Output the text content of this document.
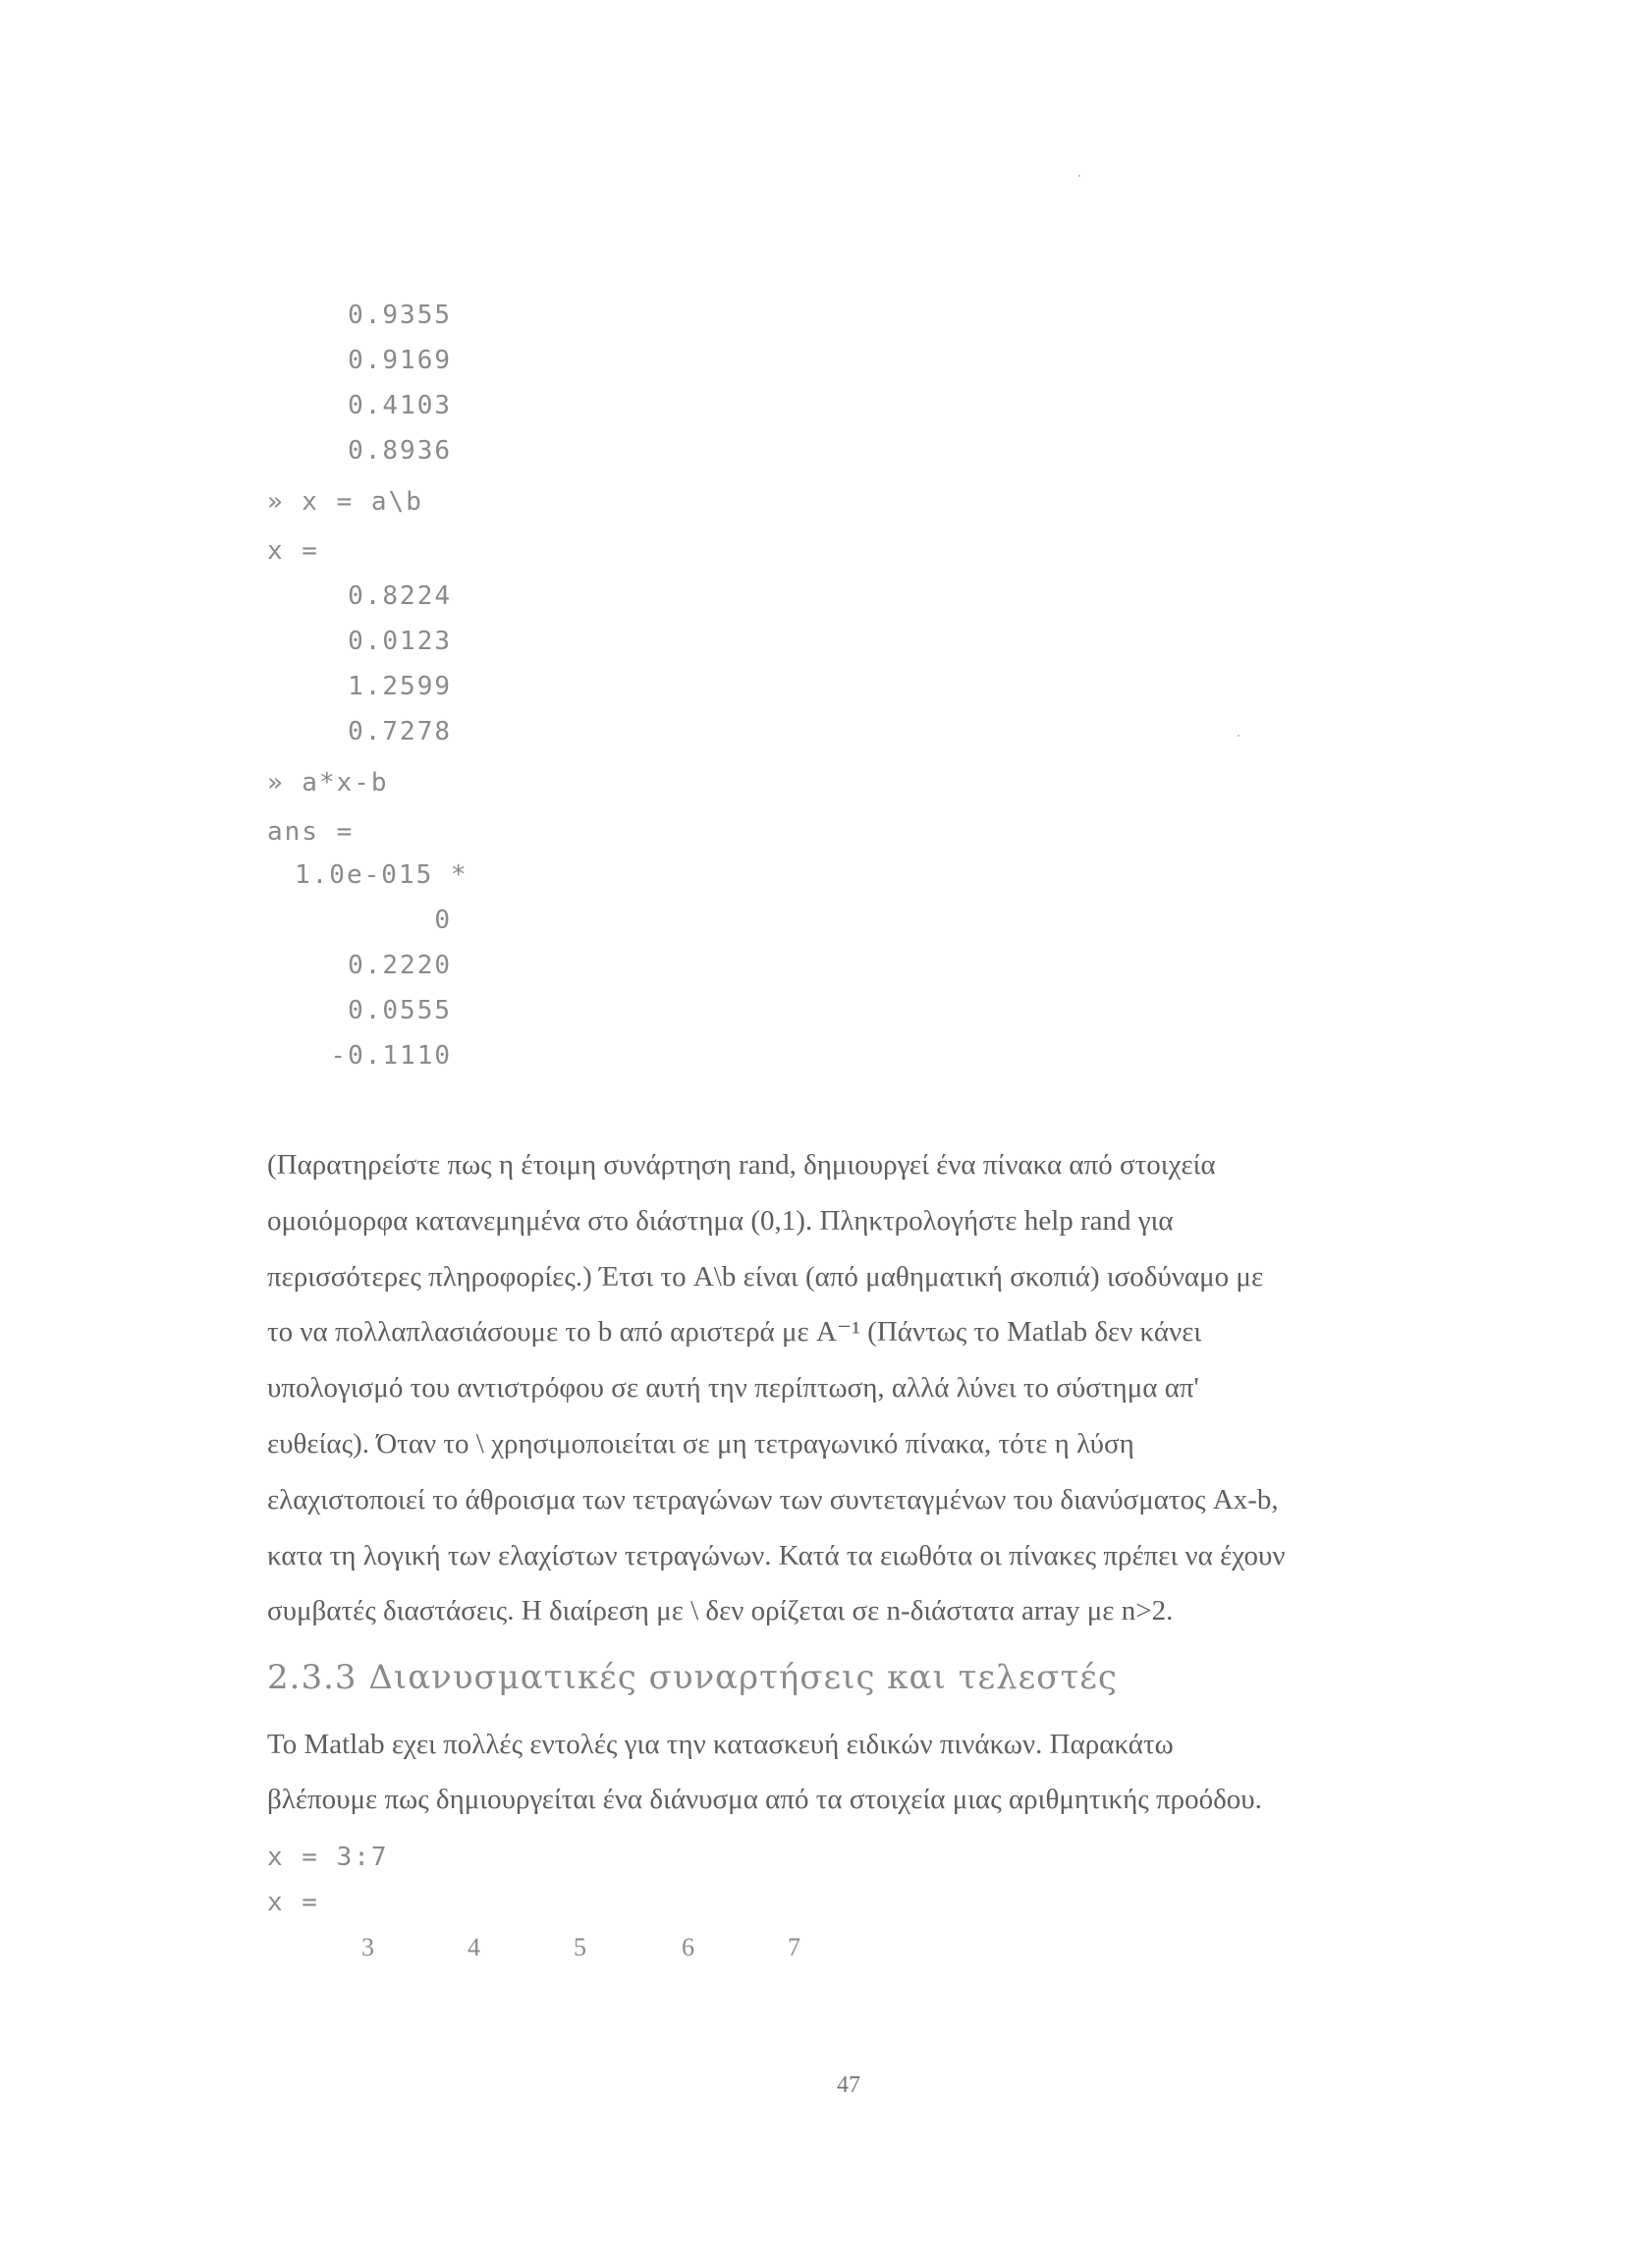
0.9355
0.9169
0.4103
0.8936
» x = a\b
x =
0.8224
0.0123
1.2599
0.7278
» a*x-b
ans =
1.0e-015 *
0
0.2220
0.0555
-0.1110

(Παρατηρείστε πως η έτοιμη συνάρτηση rand, δημιουργεί ένα πίνακα από στοιχεία

ομοιόμορφα κατανεμημένα στο διάστημα (0,1). Πληκτρολογήστε help rand για

περισσότερες πληροφορίες.) Έτσι το A\b είναι (από μαθηματική σκοπιά) ισοδύναμο με

το να πολλαπλασιάσουμε το b από αριστερά με A⁻¹ (Πάντως το Matlab δεν κάνει

υπολογισμό του αντιστρόφου σε αυτή την περίπτωση, αλλά λύνει το σύστημα απ'

ευθείας). Όταν το \ χρησιμοποιείται σε μη τετραγωνικό πίνακα, τότε η λύση

ελαχιστοποιεί το άθροισμα των τετραγώνων των συντεταγμένων του διανύσματος Ax-b,

κατα τη λογική των ελαχίστων τετραγώνων. Κατά τα ειωθότα οι πίνακες πρέπει να έχουν

συμβατές διαστάσεις. Η διαίρεση με \ δεν ορίζεται σε n-διάστατα array με n>2.

2.3.3 Διανυσματικές συναρτήσεις και τελεστές

Το Matlab εχει πολλές εντολές για την κατασκευή ειδικών πινάκων. Παρακάτω

βλέπουμε πως δημιουργείται ένα διάνυσμα από τα στοιχεία μιας αριθμητικής προόδου.

x = 3:7
x =
3	4	5	6	7
47
·
·
